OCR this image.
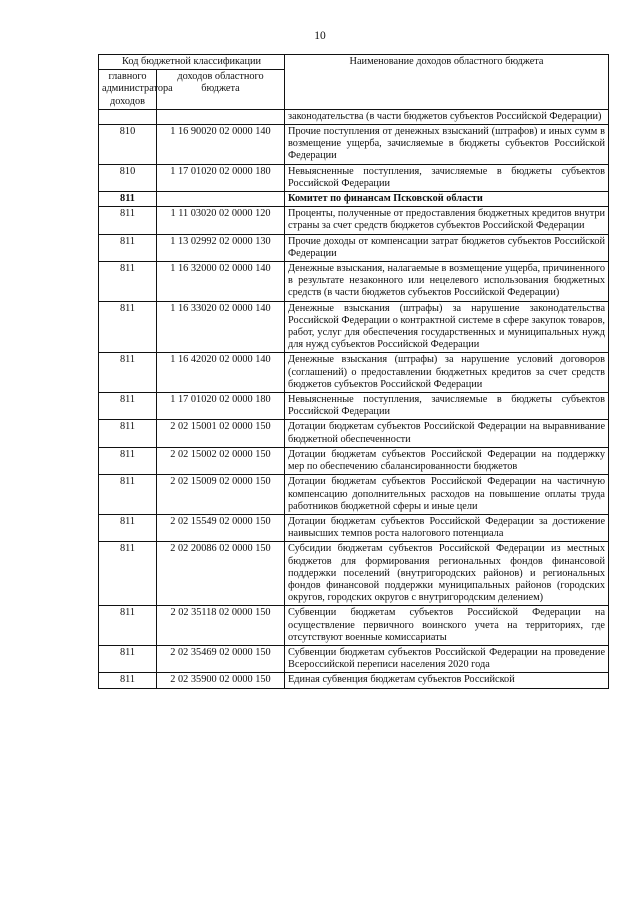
10
Код бюджетной классификации		Наименование доходов областного бюджета
главного администратора доходов	доходов областного бюджета	
		законодательства (в части бюджетов субъектов Российской Федерации)
810	1 16 90020 02 0000 140	Прочие поступления от денежных взысканий (штрафов) и иных сумм в возмещение ущерба, зачисляемые в бюджеты субъектов Российской Федерации
810	1 17 01020 02 0000 180	Невыясненные поступления, зачисляемые в бюджеты субъектов Российской Федерации
811		Комитет по финансам Псковской области
811	1 11 03020 02 0000 120	Проценты, полученные от предоставления бюджетных кредитов внутри страны за счет средств бюджетов субъектов Российской Федерации
811	1 13 02992 02 0000 130	Прочие доходы от компенсации затрат бюджетов субъектов Российской Федерации
811	1 16 32000 02 0000 140	Денежные взыскания, налагаемые в возмещение ущерба, причиненного в результате незаконного или нецелевого использования бюджетных средств (в части бюджетов субъектов Российской Федерации)
811	1 16 33020 02 0000 140	Денежные взыскания (штрафы) за нарушение законодательства Российской Федерации о контрактной системе в сфере закупок товаров, работ, услуг для обеспечения государственных и муниципальных нужд для нужд субъектов Российской Федерации
811	1 16 42020 02 0000 140	Денежные взыскания (штрафы) за нарушение условий договоров (соглашений) о предоставлении бюджетных кредитов за счет средств бюджетов субъектов Российской Федерации
811	1 17 01020 02 0000 180	Невыясненные поступления, зачисляемые в бюджеты субъектов Российской Федерации
811	2 02 15001 02 0000 150	Дотации бюджетам субъектов Российской Федерации на выравнивание бюджетной обеспеченности
811	2 02 15002 02 0000 150	Дотации бюджетам субъектов Российской Федерации на поддержку мер по обеспечению сбалансированности бюджетов
811	2 02 15009 02 0000 150	Дотации бюджетам субъектов Российской Федерации на частичную компенсацию дополнительных расходов на повышение оплаты труда работников бюджетной сферы и иные цели
811	2 02 15549 02 0000 150	Дотации бюджетам субъектов Российской Федерации за достижение наивысших темпов роста налогового потенциала
811	2 02 20086 02 0000 150	Субсидии бюджетам субъектов Российской Федерации из местных бюджетов для формирования региональных фондов финансовой поддержки поселений (внутригородских районов) и региональных фондов финансовой поддержки муниципальных районов (городских округов, городских округов с внутригородским делением)
811	2 02 35118 02 0000 150	Субвенции бюджетам субъектов Российской Федерации на осуществление первичного воинского учета на территориях, где отсутствуют военные комиссариаты
811	2 02 35469 02 0000 150	Субвенции бюджетам субъектов Российской Федерации на проведение Всероссийской переписи населения 2020 года
811	2 02 35900 02 0000 150	Единая субвенция бюджетам субъектов Российской
